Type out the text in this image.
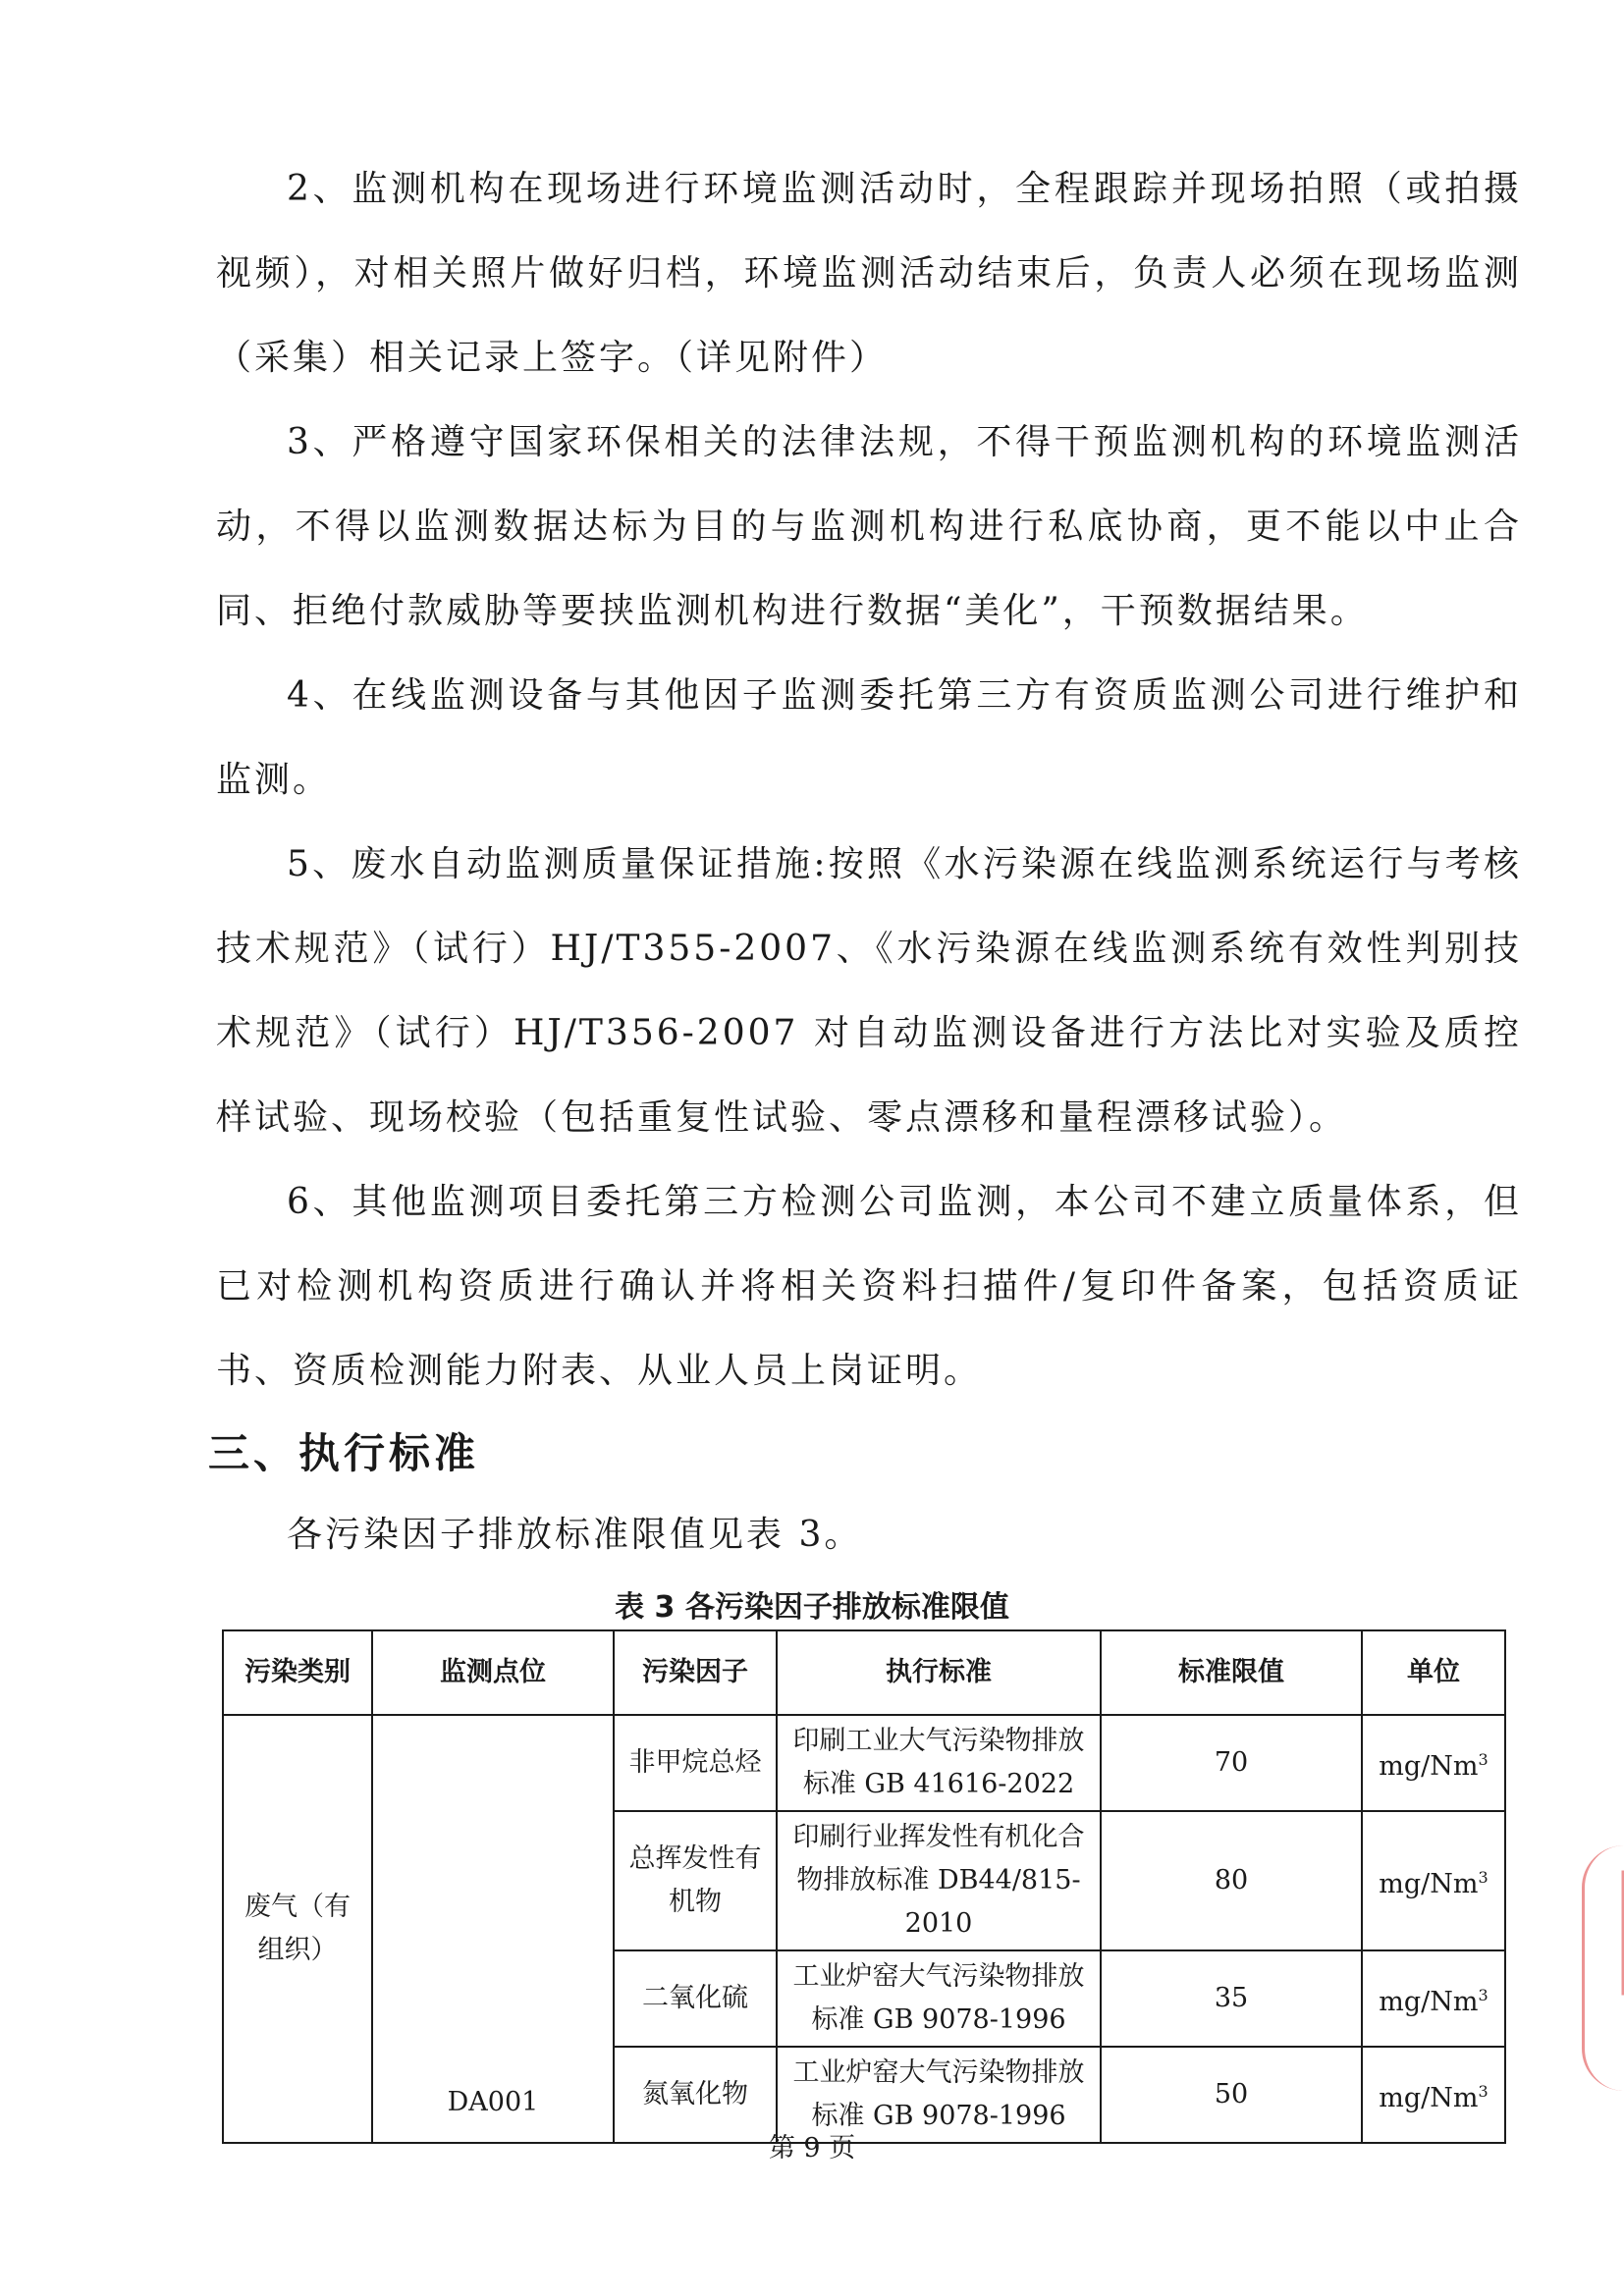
2、监测机构在现场进行环境监测活动时，全程跟踪并现场拍照（或拍摄视频），对相关照片做好归档，环境监测活动结束后，负责人必须在现场监测（采集）相关记录上签字。（详见附件）

3、严格遵守国家环保相关的法律法规，不得干预监测机构的环境监测活动，不得以监测数据达标为目的与监测机构进行私底协商，更不能以中止合同、拒绝付款威胁等要挟监测机构进行数据“美化”，干预数据结果。

4、在线监测设备与其他因子监测委托第三方有资质监测公司进行维护和监测。

5、废水自动监测质量保证措施:按照《水污染源在线监测系统运行与考核技术规范》（试行）HJ/T355-2007、《水污染源在线监测系统有效性判别技术规范》（试行）HJ/T356-2007 对自动监测设备进行方法比对实验及质控样试验、现场校验（包括重复性试验、零点漂移和量程漂移试验）。

6、其他监测项目委托第三方检测公司监测，本公司不建立质量体系，但已对检测机构资质进行确认并将相关资料扫描件/复印件备案，包括资质证书、资质检测能力附表、从业人员上岗证明。

三、执行标准

各污染因子排放标准限值见表 3。

表 3 各污染因子排放标准限值

污染类别	监测点位	污染因子	执行标准	标准限值	单位
废气（有组织）	DA001	非甲烷总烃	印刷工业大气污染物排放标准 GB 41616-2022	70	mg/Nm$^3$
		总挥发性有机物	印刷行业挥发性有机化合物排放标准 DB44/815-2010	80	mg/Nm$^3$
		二氧化硫	工业炉窑大气污染物排放标准 GB 9078-1996	35	mg/Nm$^3$
		氮氧化物	工业炉窑大气污染物排放标准 GB 9078-1996	50	mg/Nm$^3$

第 9 页
